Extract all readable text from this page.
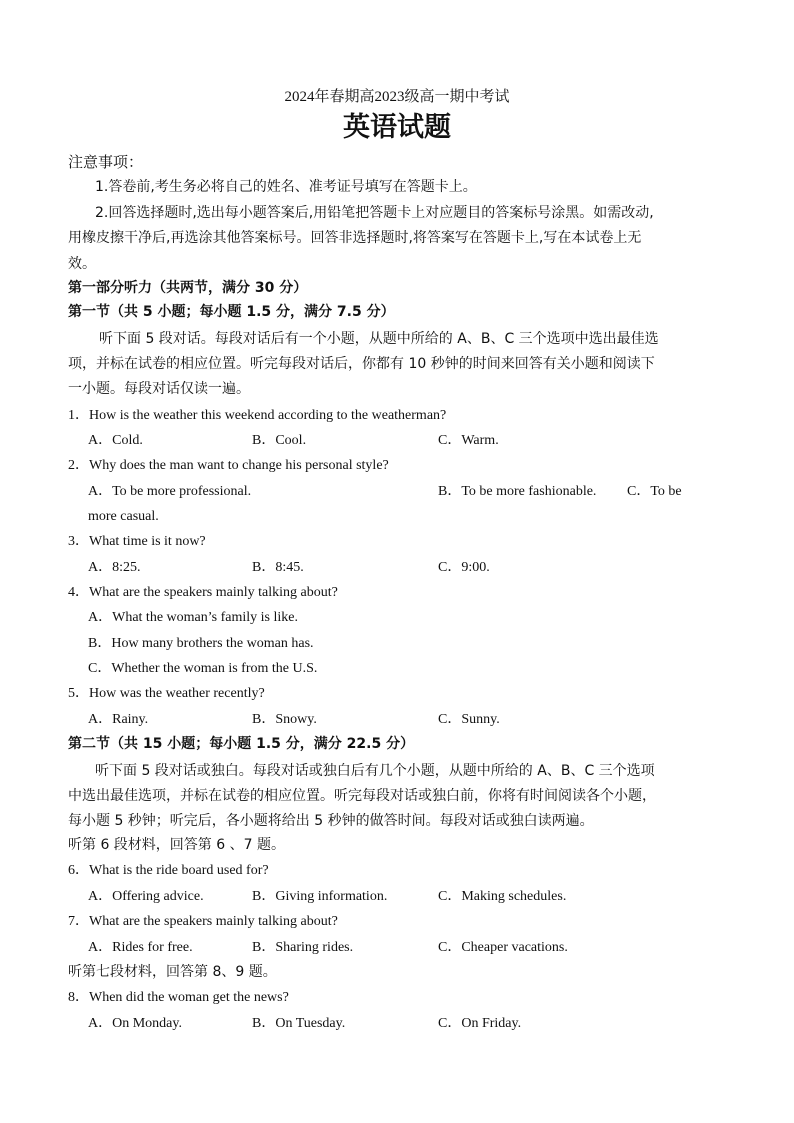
2024年春期高2023级高一期中考试
英语试题
注意事项：
1.答卷前,考生务必将自己的姓名、准考证号填写在答题卡上。
2.回答选择题时,选出每小题答案后,用铅笔把答题卡上对应题目的答案标号涂黑。如需改动,
用橡皮擦干净后,再选涂其他答案标号。回答非选择题时,将答案写在答题卡上,写在本试卷上无
效。
第一部分听力（共两节，满分 30 分）
第一节（共 5 小题；每小题 1.5 分，满分 7.5 分）
听下面 5 段对话。每段对话后有一个小题，从题中所给的 A、B、C 三个选项中选出最佳选
项，并标在试卷的相应位置。听完每段对话后，你都有 10 秒钟的时间来回答有关小题和阅读下
一小题。每段对话仅读一遍。
1．How is the weather this weekend according to the weatherman?
A．Cold.	B．Cool.	C．Warm.
2．Why does the man want to change his personal style?
A．To be more professional.	B．To be more fashionable. C．To be
more casual.
3．What time is it now?
A．8:25.	B．8:45.	C．9:00.
4．What are the speakers mainly talking about?
A．What the woman’s family is like.
B．How many brothers the woman has.
C．Whether the woman is from the U.S.
5．How was the weather recently?
A．Rainy.	B．Snowy.	C．Sunny.
第二节（共 15 小题；每小题 1.5 分，满分 22.5 分）
听下面 5 段对话或独白。每段对话或独白后有几个小题，从题中所给的 A、B、C 三个选项
中选出最佳选项，并标在试卷的相应位置。听完每段对话或独白前，你将有时间阅读各个小题，
每小题 5 秒钟；听完后，各小题将给出 5 秒钟的做答时间。每段对话或独白读两遍。
听第 6 段材料，回答第 6 、7 题。
6．What is the ride board used for?
A．Offering advice.	B．Giving information.	C．Making schedules.
7．What are the speakers mainly talking about?
A．Rides for free.	B．Sharing rides.	C．Cheaper vacations.
听第七段材料，回答第 8、9 题。
8．When did the woman get the news?
A．On Monday.	B．On Tuesday.	C．On Friday.
